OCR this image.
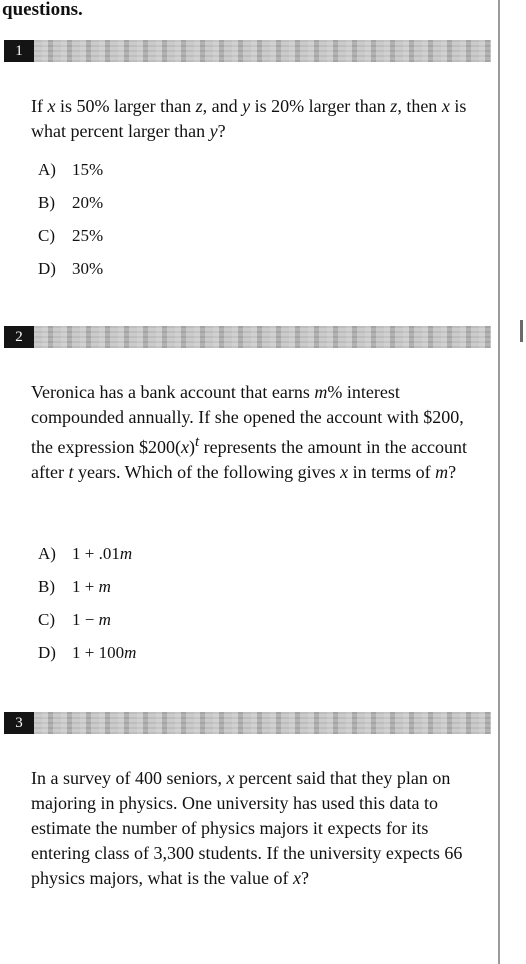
questions.
1
If x is 50% larger than z, and y is 20% larger than z, then x is what percent larger than y?
A) 15%
B) 20%
C) 25%
D) 30%
2
Veronica has a bank account that earns m% interest compounded annually. If she opened the account with $200, the expression $\$200(x)^t$ represents the amount in the account after t years. Which of the following gives x in terms of m?
A) 1 + .01m
B) 1 + m
C) 1 − m
D) 1 + 100m
3
In a survey of 400 seniors, x percent said that they plan on majoring in physics. One university has used this data to estimate the number of physics majors it expects for its entering class of 3,300 students. If the university expects 66 physics majors, what is the value of x?
